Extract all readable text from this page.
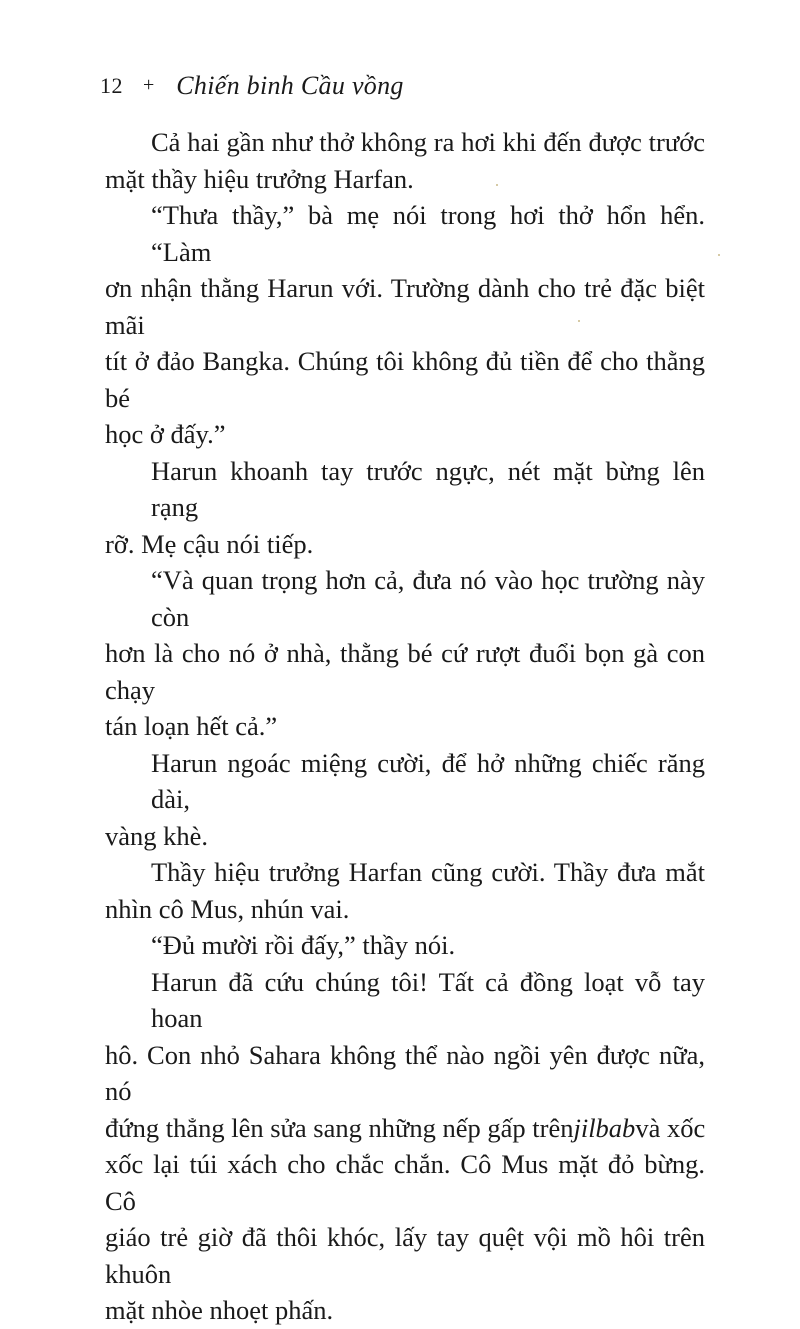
12 + Chiến binh Cầu vồng
Cả hai gần như thở không ra hơi khi đến được trước
mặt thầy hiệu trưởng Harfan.
“Thưa thầy,” bà mẹ nói trong hơi thở hổn hển. “Làm
ơn nhận thằng Harun với. Trường dành cho trẻ đặc biệt mãi
tít ở đảo Bangka. Chúng tôi không đủ tiền để cho thằng bé
học ở đấy.”
Harun khoanh tay trước ngực, nét mặt bừng lên rạng
rỡ. Mẹ cậu nói tiếp.
“Và quan trọng hơn cả, đưa nó vào học trường này còn
hơn là cho nó ở nhà, thằng bé cứ rượt đuổi bọn gà con chạy
tán loạn hết cả.”
Harun ngoác miệng cười, để hở những chiếc răng dài,
vàng khè.
Thầy hiệu trưởng Harfan cũng cười. Thầy đưa mắt
nhìn cô Mus, nhún vai.
“Đủ mười rồi đấy,” thầy nói.
Harun đã cứu chúng tôi! Tất cả đồng loạt vỗ tay hoan
hô. Con nhỏ Sahara không thể nào ngồi yên được nữa, nó
đứng thẳng lên sửa sang những nếp gấp trên jilbab và xốc
xốc lại túi xách cho chắc chắn. Cô Mus mặt đỏ bừng. Cô
giáo trẻ giờ đã thôi khóc, lấy tay quệt vội mồ hôi trên khuôn
mặt nhòe nhoẹt phấn.
